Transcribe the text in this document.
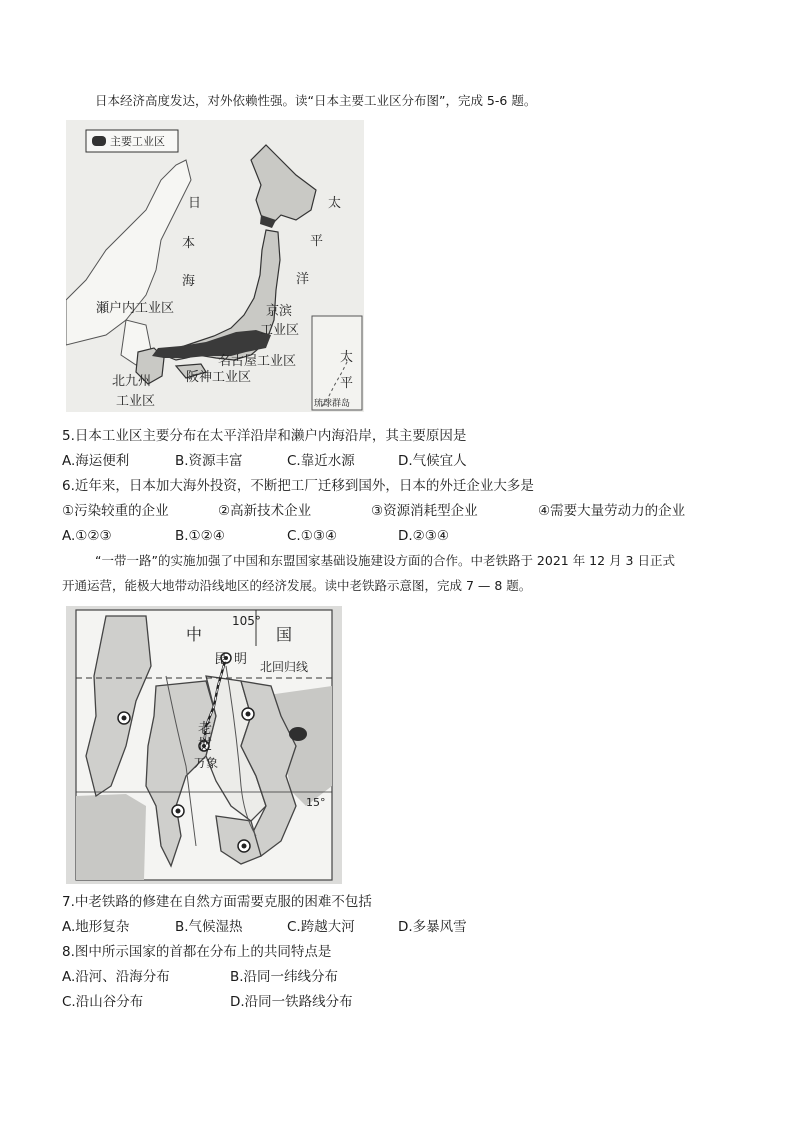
日本经济高度发达，对外依赖性强。读“日本主要工业区分布图”，完成 5-6 题。
主要工业区
日
本
海
太
平
洋
太
平
瀬户内工业区	京滨
工业区
名古屋工业区
阪神工业区
北九州
工业区	琉球群岛
5.日本工业区主要分布在太平洋沿岸和濑户内海沿岸，其主要原因是
A.海运便利	B.资源丰富	C.靠近水源	D.气候宜人
6.近年来，日本加大海外投资，不断把工厂迁移到国外，日本的外迁企业大多是
①污染较重的企业	②高新技术企业	③资源消耗型企业	④需要大量劳动力的企业
A.①②③	B.①②④	C.①③④	D.②③④
“一带一路”的实施加强了中国和东盟国家基础设施建设方面的合作。中老铁路于 2021 年 12 月 3 日正式
开通运营，能极大地带动沿线地区的经济发展。读中老铁路示意图，完成 7 — 8 题。
中	国
105°
昆 明 北回归线
老
挝
万象
15°
7.中老铁路的修建在自然方面需要克服的困难不包括
A.地形复杂	B.气候湿热	C.跨越大河	D.多暴风雪
8.图中所示国家的首都在分布上的共同特点是
A.沿河、沿海分布	B.沿同一纬线分布
C.沿山谷分布	D.沿同一铁路线分布
